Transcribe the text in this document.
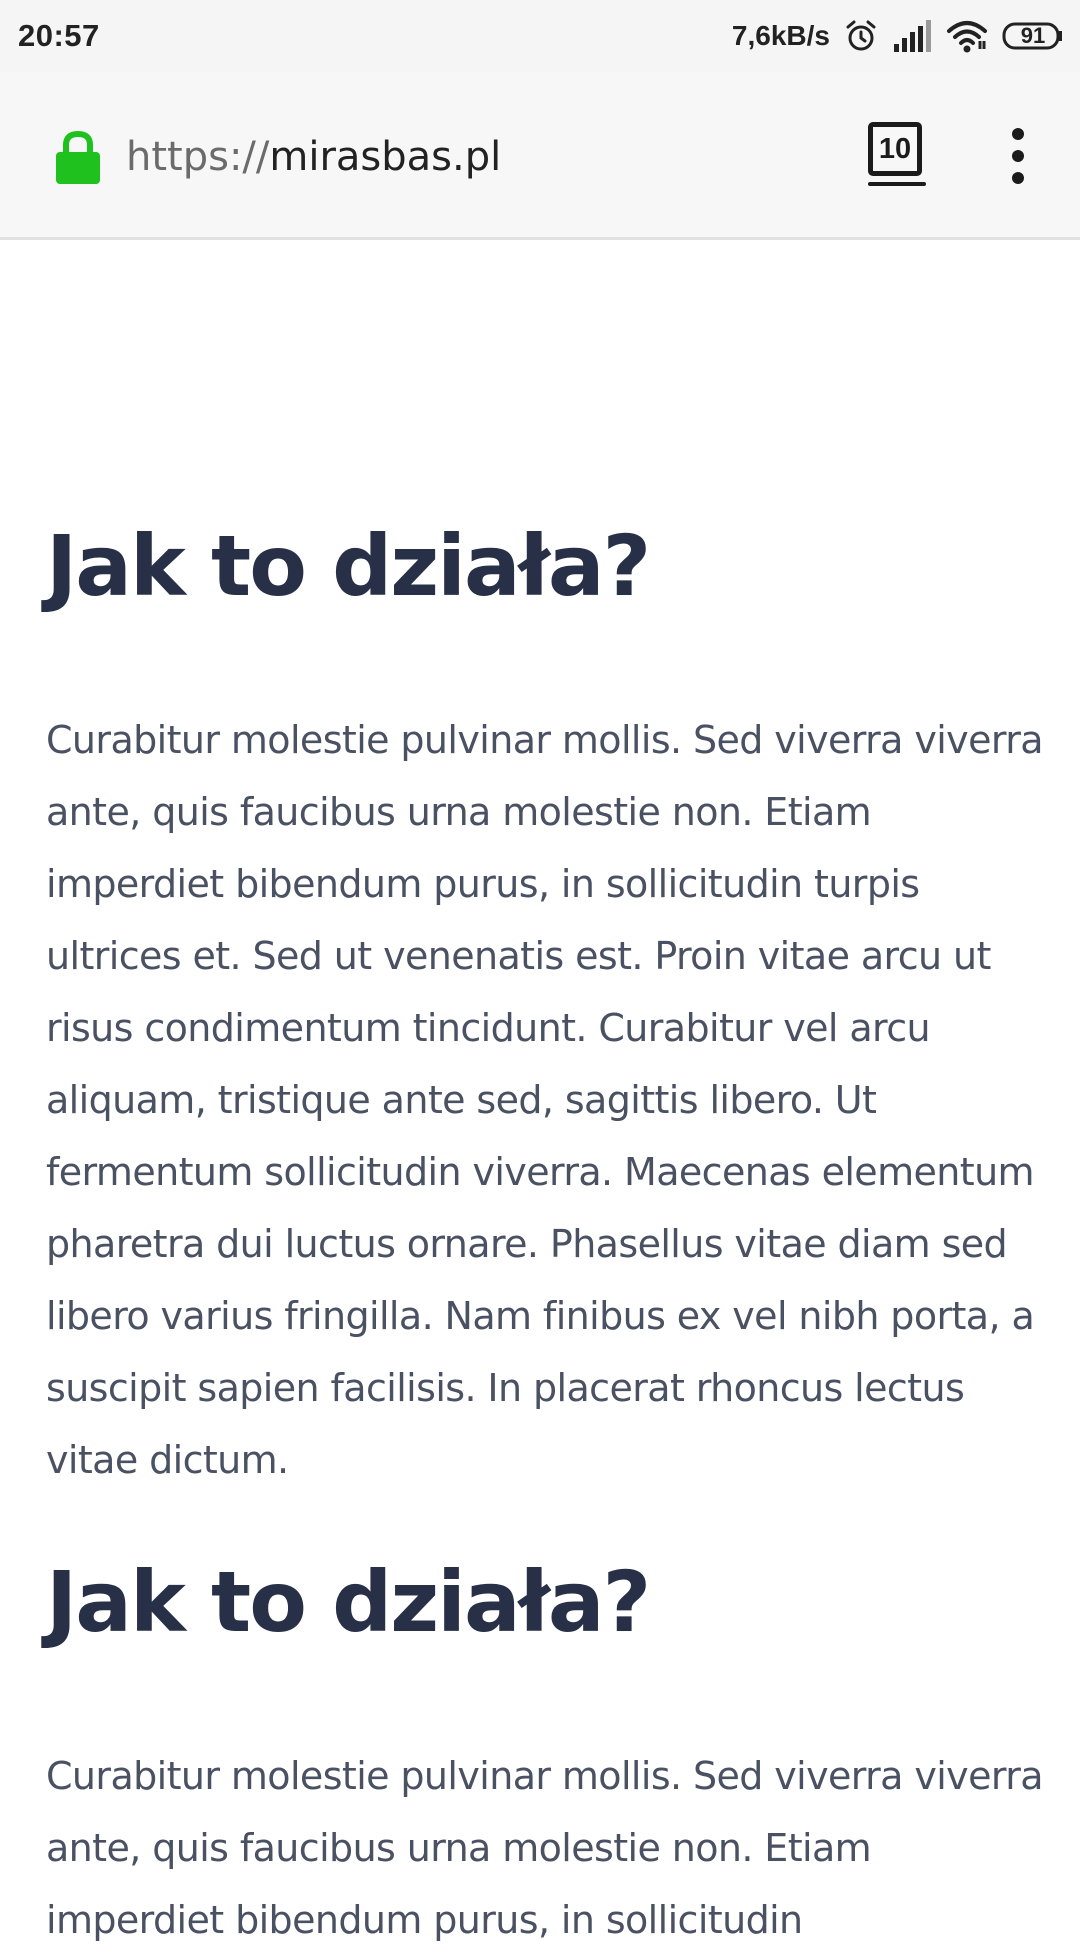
20:57	7,6kB/s	91
https://mirasbas.pl	10
Jak to działa?

Curabitur molestie pulvinar mollis. Sed viverra viverra ante, quis faucibus urna molestie non. Etiam imperdiet bibendum purus, in sollicitudin turpis ultrices et. Sed ut venenatis est. Proin vitae arcu ut risus condimentum tincidunt. Curabitur vel arcu aliquam, tristique ante sed, sagittis libero. Ut fermentum sollicitudin viverra. Maecenas elementum pharetra dui luctus ornare. Phasellus vitae diam sed libero varius fringilla. Nam finibus ex vel nibh porta, a suscipit sapien facilisis. In placerat rhoncus lectus vitae dictum.

Jak to działa?

Curabitur molestie pulvinar mollis. Sed viverra viverra ante, quis faucibus urna molestie non. Etiam imperdiet bibendum purus, in sollicitudin
